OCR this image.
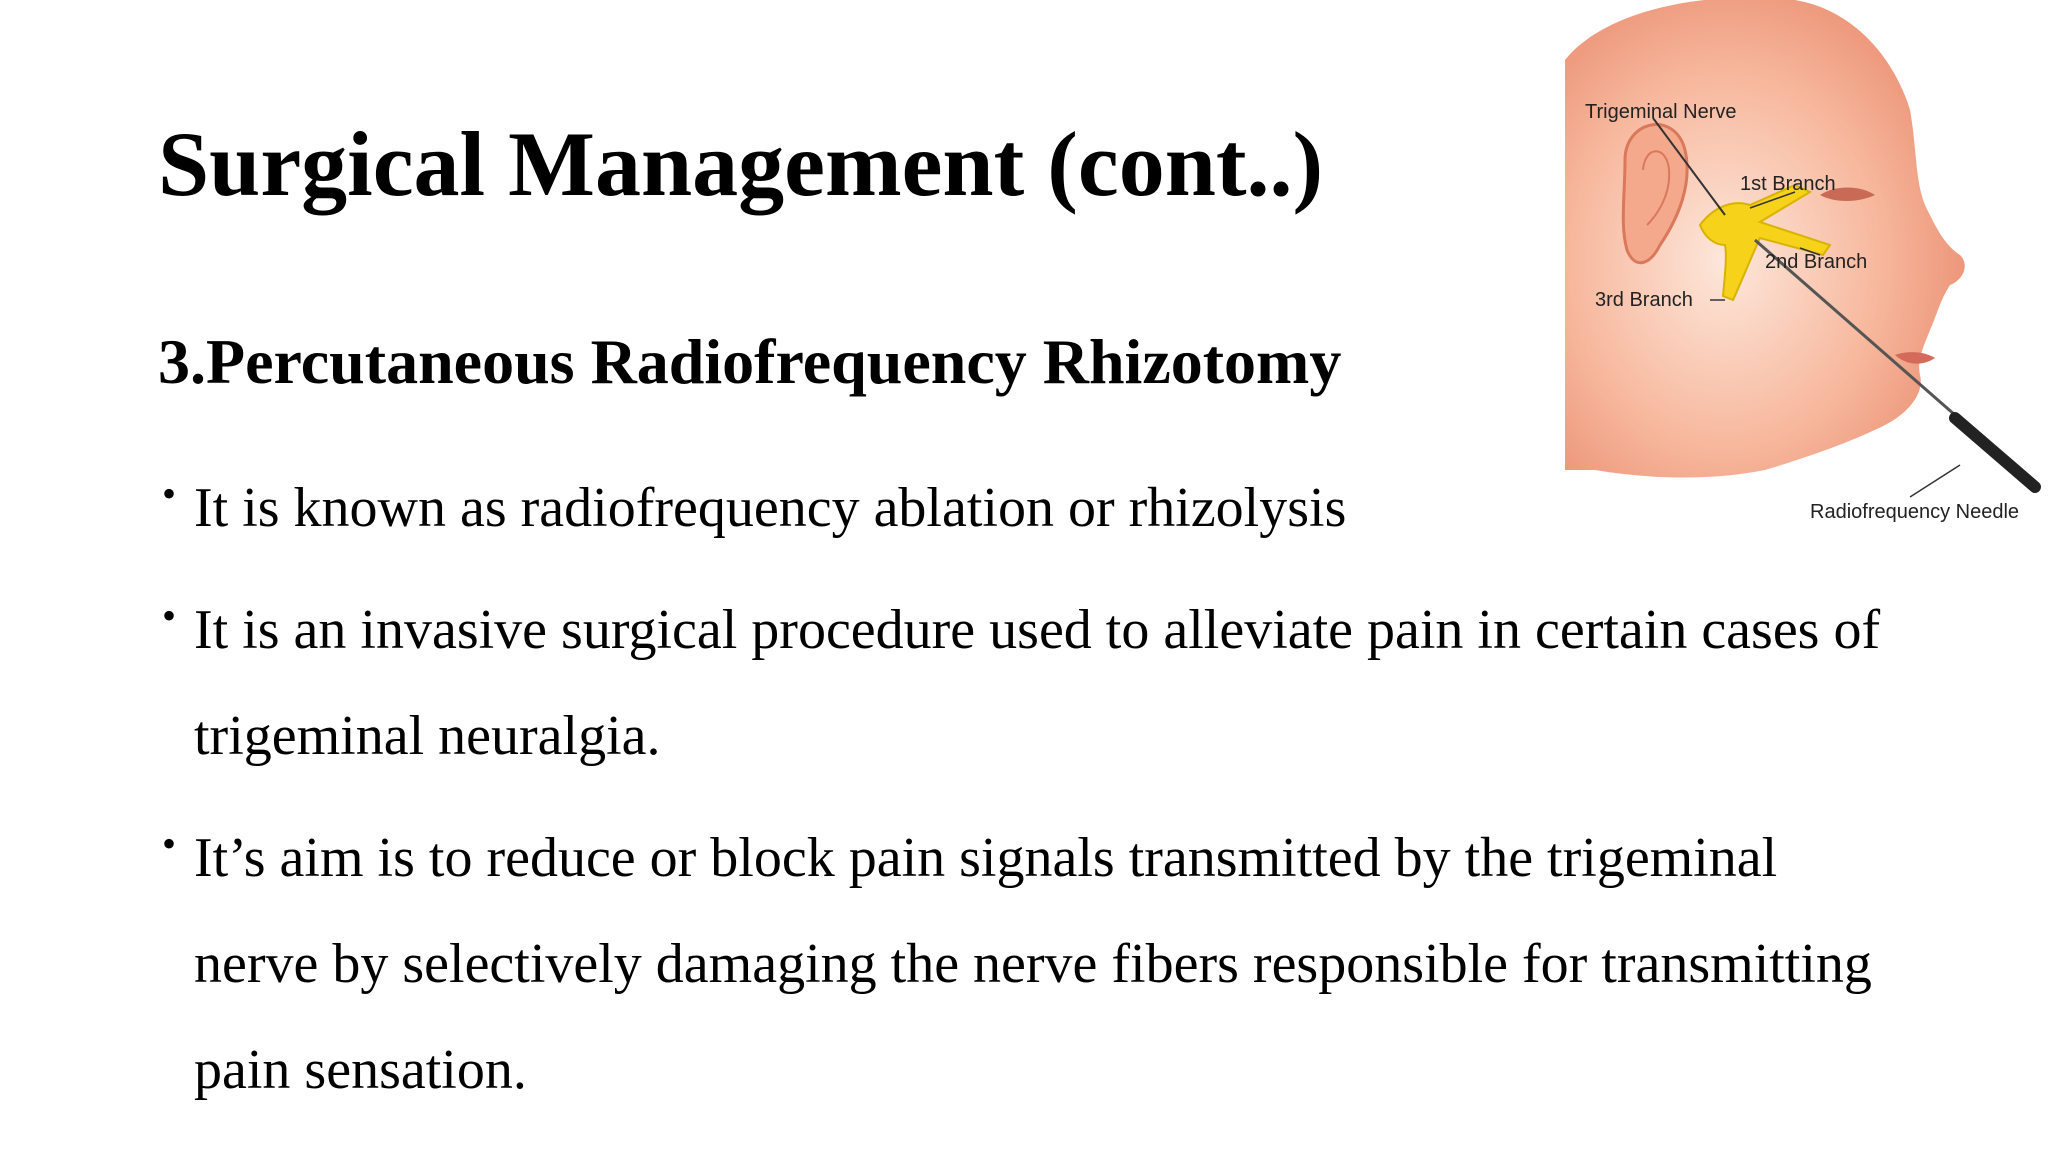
Surgical Management (cont..)
3.Percutaneous Radiofrequency Rhizotomy
• It is known as radiofrequency ablation or rhizolysis
• It is an invasive surgical procedure used to alleviate pain in certain cases of trigeminal neuralgia.
• It’s aim is to reduce or block pain signals transmitted by the trigeminal nerve by selectively damaging the nerve fibers responsible for transmitting pain sensation.
Trigeminal Nerve
1st Branch
2nd Branch
3rd Branch
Radiofrequency Needle
